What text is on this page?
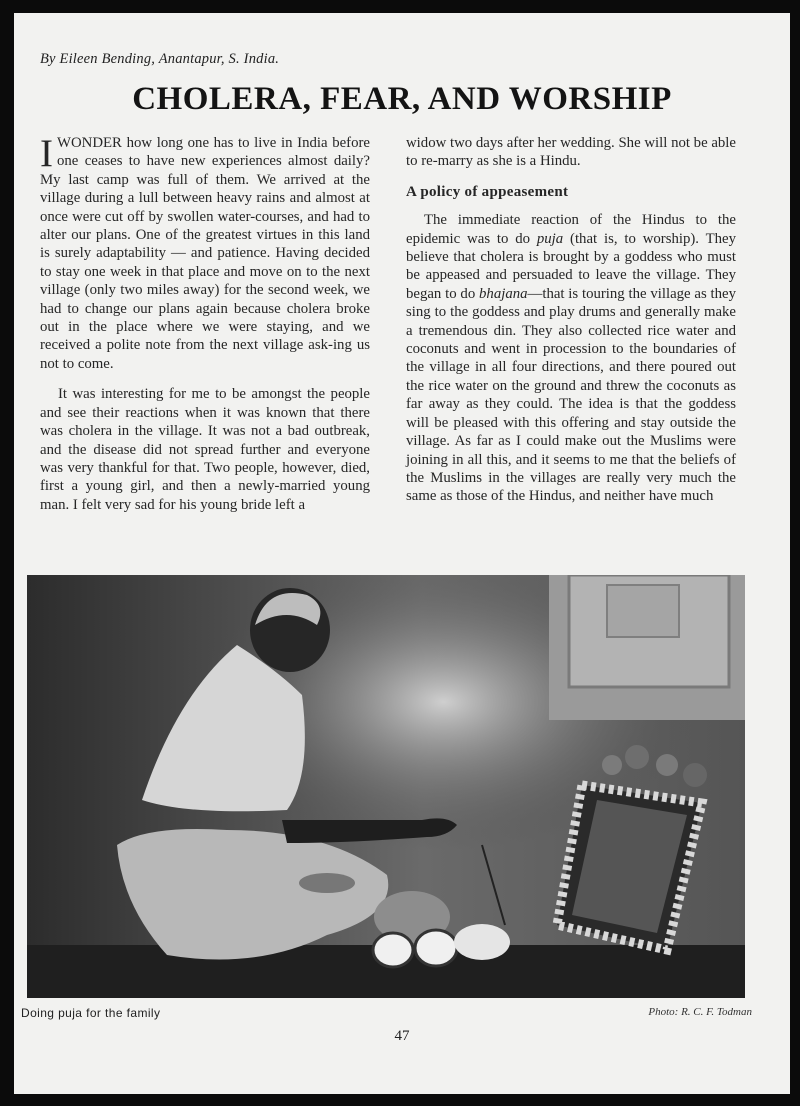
By Eileen Bending, Anantapur, S. India.
CHOLERA, FEAR, AND WORSHIP

IWONDER how long one has to live in India before one ceases to have new experiences almost daily? My last camp was full of them. We arrived at the village during a lull between heavy rains and almost at once were cut off by swollen water-courses, and had to alter our plans. One of the greatest virtues in this land is surely adaptability — and patience. Having decided to stay one week in that place and move on to the next village (only two miles away) for the second week, we had to change our plans again because cholera broke out in the place where we were staying, and we received a polite note from the next village ask-ing us not to come.

It was interesting for me to be amongst the people and see their reactions when it was known that there was cholera in the village. It was not a bad outbreak, and the disease did not spread further and everyone was very thankful for that. Two people, however, died, first a young girl, and then a newly-married young man. I felt very sad for his young bride left a

widow two days after her wedding. She will not be able to re-marry as she is a Hindu.

A policy of appeasement

The immediate reaction of the Hindus to the epidemic was to do puja (that is, to worship). They believe that cholera is brought by a goddess who must be appeased and persuaded to leave the village. They began to do bhajana—that is touring the village as they sing to the goddess and play drums and generally make a tremendous din. They also collected rice water and coconuts and went in procession to the boundaries of the village in all four directions, and there poured out the rice water on the ground and threw the coconuts as far away as they could. The idea is that the goddess will be pleased with this offering and stay outside the village. As far as I could make out the Muslims were joining in all this, and it seems to me that the beliefs of the Muslims in the villages are really very much the same as those of the Hindus, and neither have much

Doing puja for the family	Photo: R. C. F. Todman
47
